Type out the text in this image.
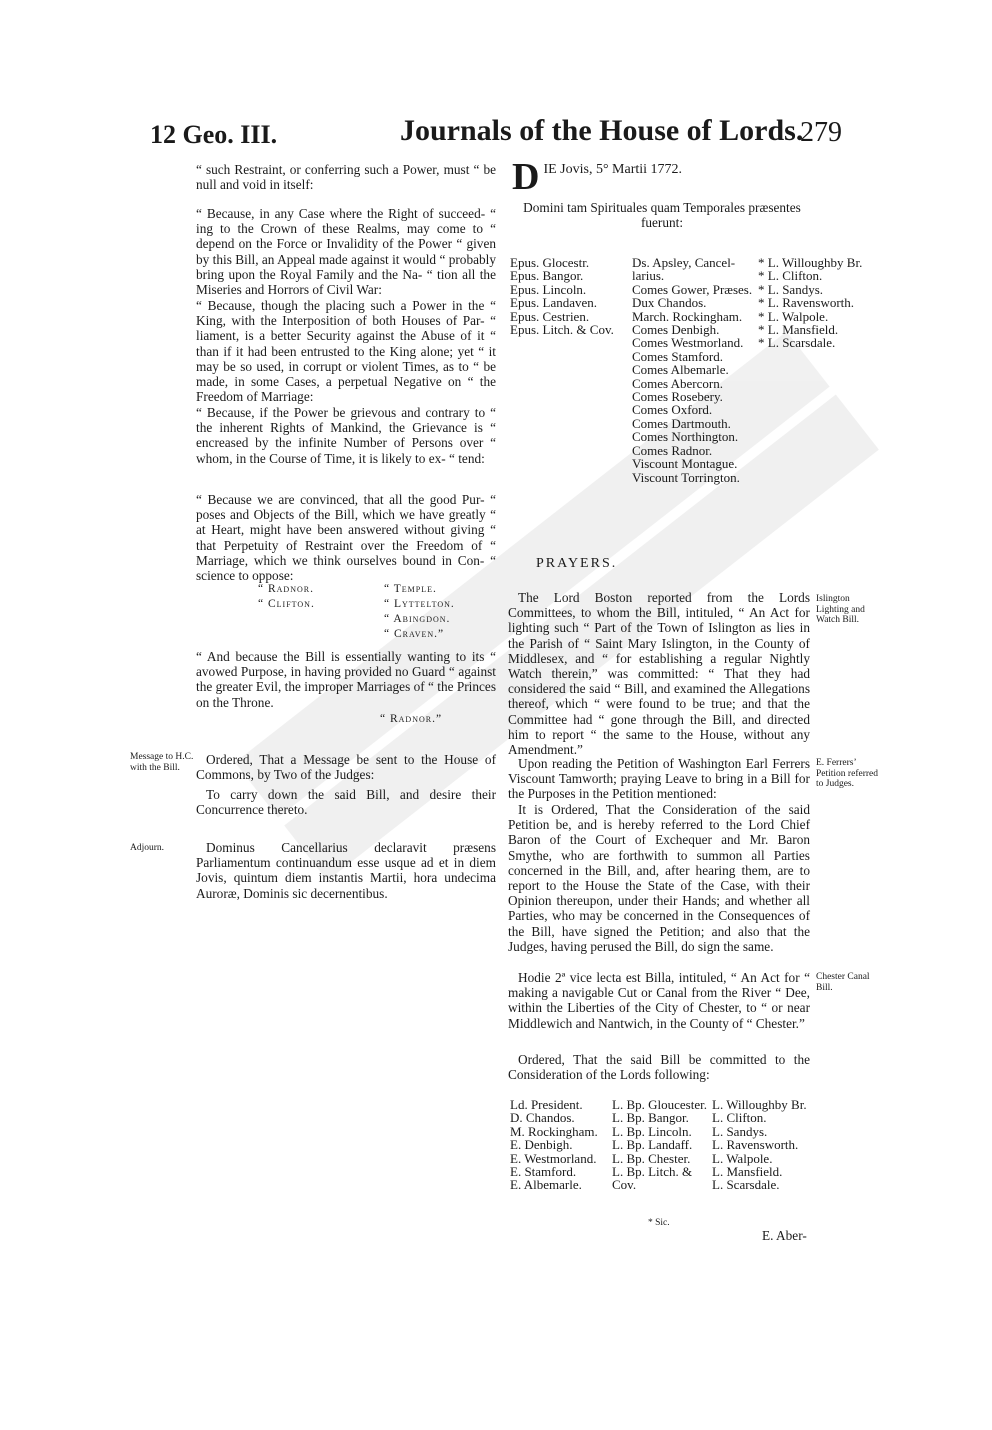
12 Geo. III.	Journals of the House of Lords.
279

“ such Restraint, or conferring such a Power, must “ be null and void in itself:

“ Because, in any Case where the Right of succeed- “ ing to the Crown of these Realms, may come to “ depend on the Force or Invalidity of the Power “ given by this Bill, an Appeal made against it would “ probably bring upon the Royal Family and the Na- “ tion all the Miseries and Horrors of Civil War:

“ Because, though the placing such a Power in the “ King, with the Interposition of both Houses of Par- “ liament, is a better Security against the Abuse of it “ than if it had been entrusted to the King alone; yet “ it may be so used, in corrupt or violent Times, as to “ be made, in some Cases, a perpetual Negative on “ the Freedom of Marriage:

“ Because, if the Power be grievous and contrary to “ the inherent Rights of Mankind, the Grievance is “ encreased by the infinite Number of Persons over “ whom, in the Course of Time, it is likely to ex- “ tend:

“ Because we are convinced, that all the good Pur- “ poses and Objects of the Bill, which we have greatly “ at Heart, might have been answered without giving “ that Perpetuity of Restraint over the Freedom of “ Marriage, which we think ourselves bound in Con- “ science to oppose:

“ Radnor.
“ Clifton.
“ Temple.
“ Lyttelton.
“ Abingdon.
“ Craven.”

“ And because the Bill is essentially wanting to its “ avowed Purpose, in having provided no Guard “ against the greater Evil, the improper Marriages of “ the Princes on the Throne.

“ Radnor.”
Message to H.C. with the Bill.

Ordered, That a Message be sent to the House of Commons, by Two of the Judges:

To carry down the said Bill, and desire their Concurrence thereto.

Adjourn.	Dominus Cancellarius declaravit præsens Parliamentum continuandum esse usque ad et in diem Jovis, quintum diem instantis Martii, hora undecima Auroræ, Dominis sic decernentibus.

D IE Jovis, 5° Martii 1772.

Domini tam Spirituales quam Temporales præsentes fuerunt:

Epus. Glocestr.
Epus. Bangor.
Epus. Lincoln.
Epus. Landaven.
Epus. Cestrien.
Epus. Litch. & Cov.
Ds. Apsley, Cancel-
larius.
Comes Gower, Præses.
Dux Chandos.
March. Rockingham.
Comes Denbigh.
Comes Westmorland.
Comes Stamford.
Comes Albemarle.
Comes Abercorn.
Comes Rosebery.
Comes Oxford.
Comes Dartmouth.
Comes Northington.
Comes Radnor.
Viscount Montague.
Viscount Torrington.
* L. Willoughby Br.
* L. Clifton.
* L. Sandys.
* L. Ravensworth.
* L. Walpole.
* L. Mansfield.
* L. Scarsdale.
PRAYERS.

The Lord Boston reported from the Lords Committees, to whom the Bill, intituled, “ An Act for lighting such “ Part of the Town of Islington as lies in the Parish of “ Saint Mary Islington, in the County of Middlesex, and “ for establishing a regular Nightly Watch therein,” was committed: “ That they had considered the said “ Bill, and examined the Allegations thereof, which “ were found to be true; and that the Committee had “ gone through the Bill, and directed him to report “ the same to the House, without any Amendment.”

Islington Lighting and Watch Bill.

Upon reading the Petition of Washington Earl Ferrers Viscount Tamworth; praying Leave to bring in a Bill for the Purposes in the Petition mentioned:

E. Ferrers’ Petition referred to Judges.

It is Ordered, That the Consideration of the said Petition be, and is hereby referred to the Lord Chief Baron of the Court of Exchequer and Mr. Baron Smythe, who are forthwith to summon all Parties concerned in the Bill, and, after hearing them, are to report to the House the State of the Case, with their Opinion thereupon, under their Hands; and whether all Parties, who may be concerned in the Consequences of the Bill, have signed the Petition; and also that the Judges, having perused the Bill, do sign the same.

Hodie 2ª vice lecta est Billa, intituled, “ An Act for “ making a navigable Cut or Canal from the River “ Dee, within the Liberties of the City of Chester, to “ or near Middlewich and Nantwich, in the County of “ Chester.”

Chester Canal Bill.

Ordered, That the said Bill be committed to the Consideration of the Lords following:

Ld. President.
D. Chandos.
M. Rockingham.
E. Denbigh.
E. Westmorland.
E. Stamford.
E. Albemarle.
L. Bp. Gloucester.
L. Bp. Bangor.
L. Bp. Lincoln.
L. Bp. Landaff.
L. Bp. Chester.
L. Bp. Litch. &
Cov.
L. Willoughby Br.
L. Clifton.
L. Sandys.
L. Ravensworth.
L. Walpole.
L. Mansfield.
L. Scarsdale.
* Sic.
E. Aber-
